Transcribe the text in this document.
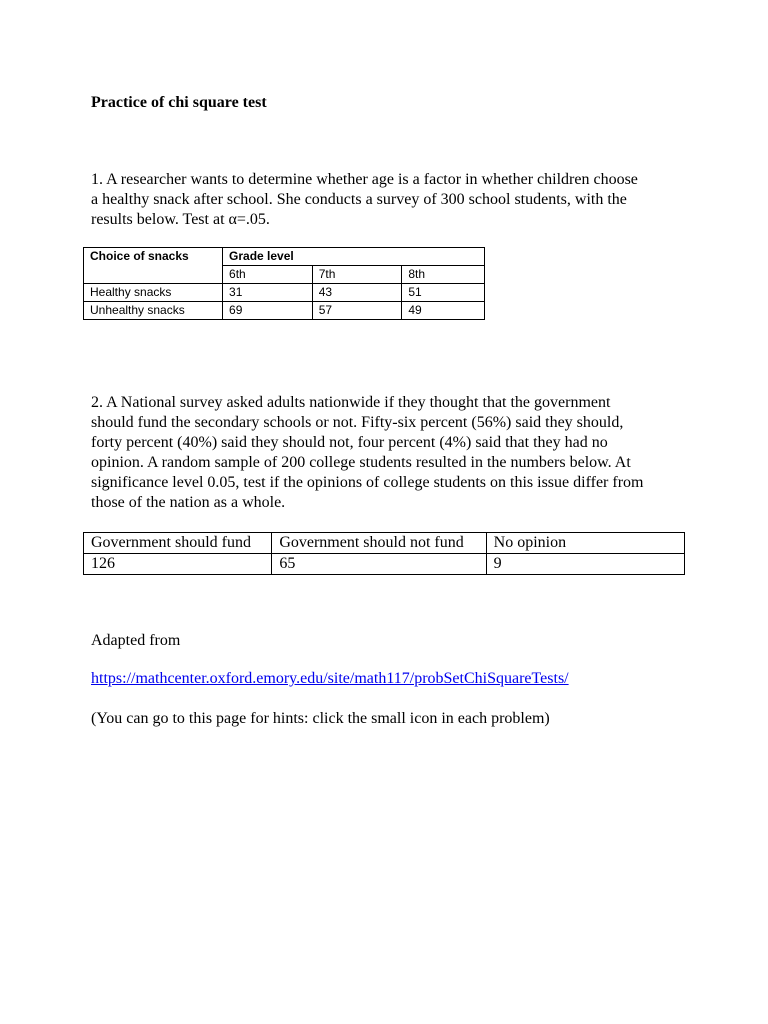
Practice of chi square test
1. A researcher wants to determine whether age is a factor in whether children choose
a healthy snack after school. She conducts a survey of 300 school students, with the
results below. Test at α=.05.
Choice of snacks	Grade level		
	6th	7th	8th
Healthy snacks	31	43	51
Unhealthy snacks	69	57	49
2. A National survey asked adults nationwide if they thought that the government
should fund the secondary schools or not. Fifty-six percent (56%) said they should,
forty percent (40%) said they should not, four percent (4%) said that they had no
opinion. A random sample of 200 college students resulted in the numbers below. At
significance level 0.05, test if the opinions of college students on this issue differ from
those of the nation as a whole.
Government should fund	Government should not fund	No opinion
126	65	9
Adapted from
https://mathcenter.oxford.emory.edu/site/math117/probSetChiSquareTests/
(You can go to this page for hints: click the small icon in each problem)
